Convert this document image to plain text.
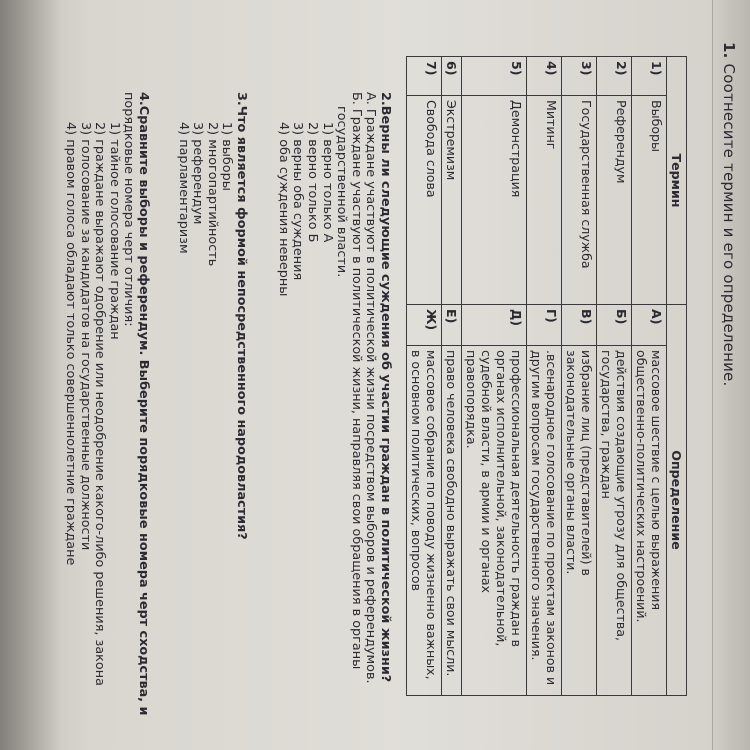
1. Соотнесите термин и его определение.
Термин		Определение	
1)	Выборы	А)	массовое шествие с целью выражения общественно-политических настроений.
2)	Референдум	Б)	действия создающие угрозу для общества, государства, граждан
3)	Государственная служба	В)	избрание лиц (представителей) в законодательные органы власти.
4)	Митинг	Г)	.всенародное голосование по проектам законов и другим вопросам государственного значения.
5)	Демонстрация	Д)	профессиональная деятельность граждан в органах исполнительной, законодательной, судебной власти, в армии и органах правопорядка.
6)	Экстремизм	Е)	право человека свободно выражать свои мысли.
7)	Свобода слова	Ж)	массовое собрание по поводу жизненно важных, в основном политических, вопросов
2.Верны ли следующие суждения об участии граждан в политической жизни?
А. Граждане участвуют в политической жизни посредством выборов и референдумов.
Б. Граждане участвуют в политической жизни, направляя свои обращения в органы
государственной власти.
1) верно только А
2) верно только Б
3) верны оба суждения
4) оба суждения неверны
3.Что является формой непосредственного народовластия?
1) выборы
2) многопартийность
3) референдум
4) парламентаризм
4.Сравните выборы и референдум. Выберите порядковые номера черт сходства, и
порядковые номера черт отличия:
1) тайное голосование граждан
2) граждане выражают одобрение или неодобрение какого-либо решения, закона
3) голосование за кандидатов на государственные должности
4) правом голоса обладают только совершеннолетние граждане
